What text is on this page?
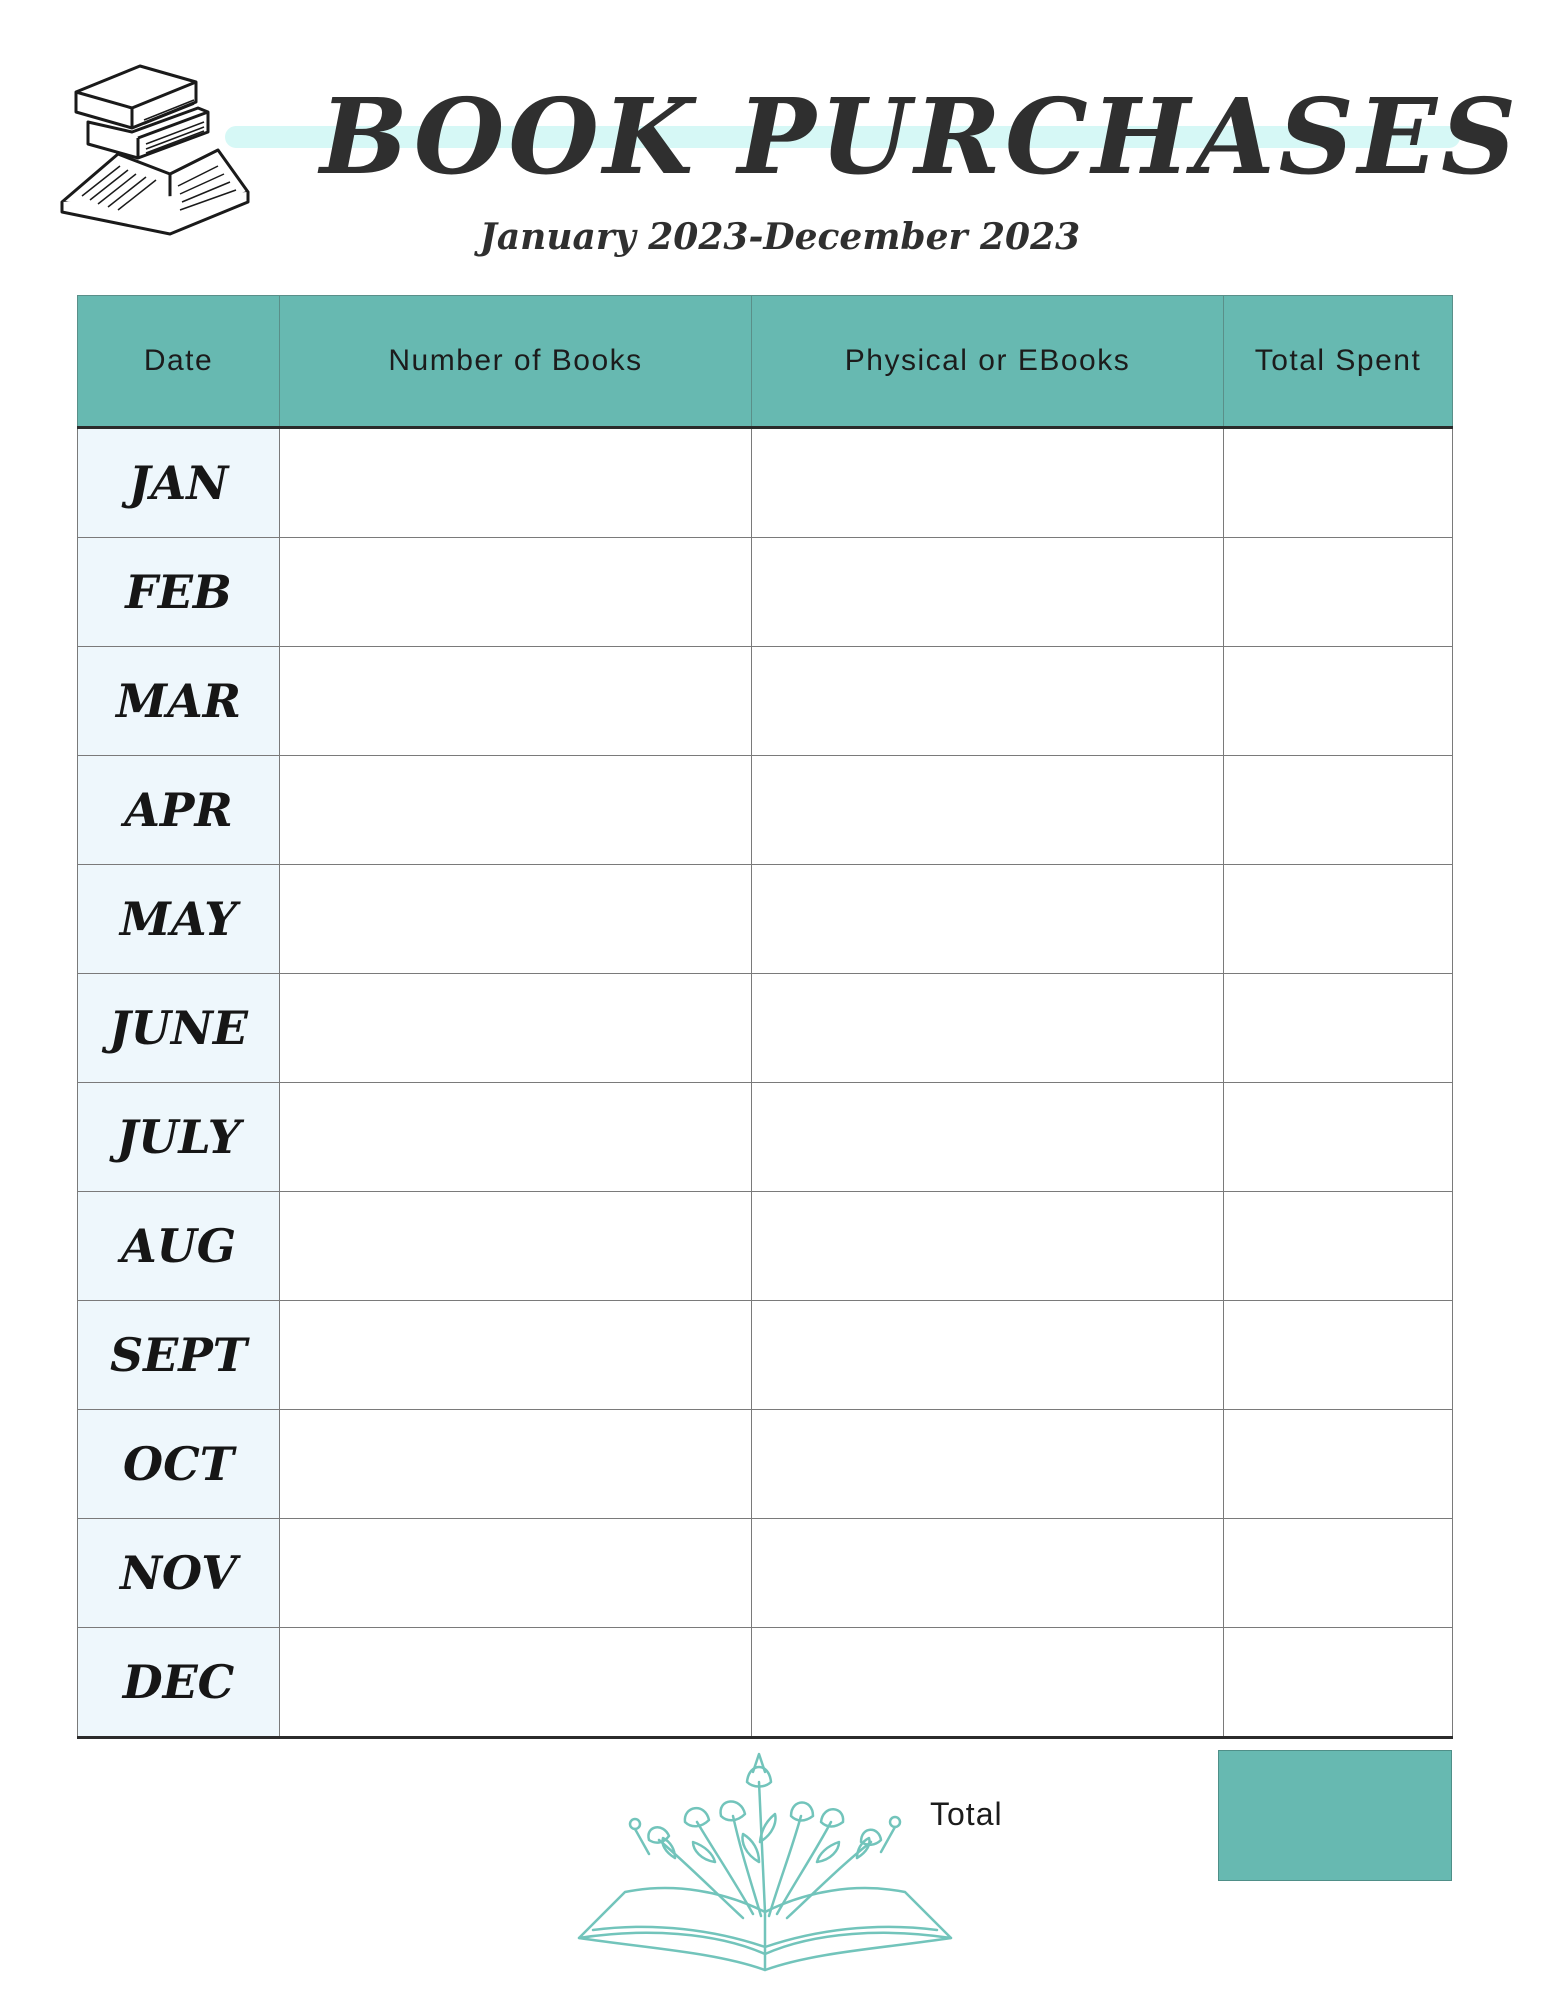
BOOK PURCHASES
January 2023-December 2023
Date	Number of Books	Physical or EBooks	Total Spent
JAN			
FEB			
MAR			
APR			
MAY			
JUNE			
JULY			
AUG			
SEPT			
OCT			
NOV			
DEC			
Total
